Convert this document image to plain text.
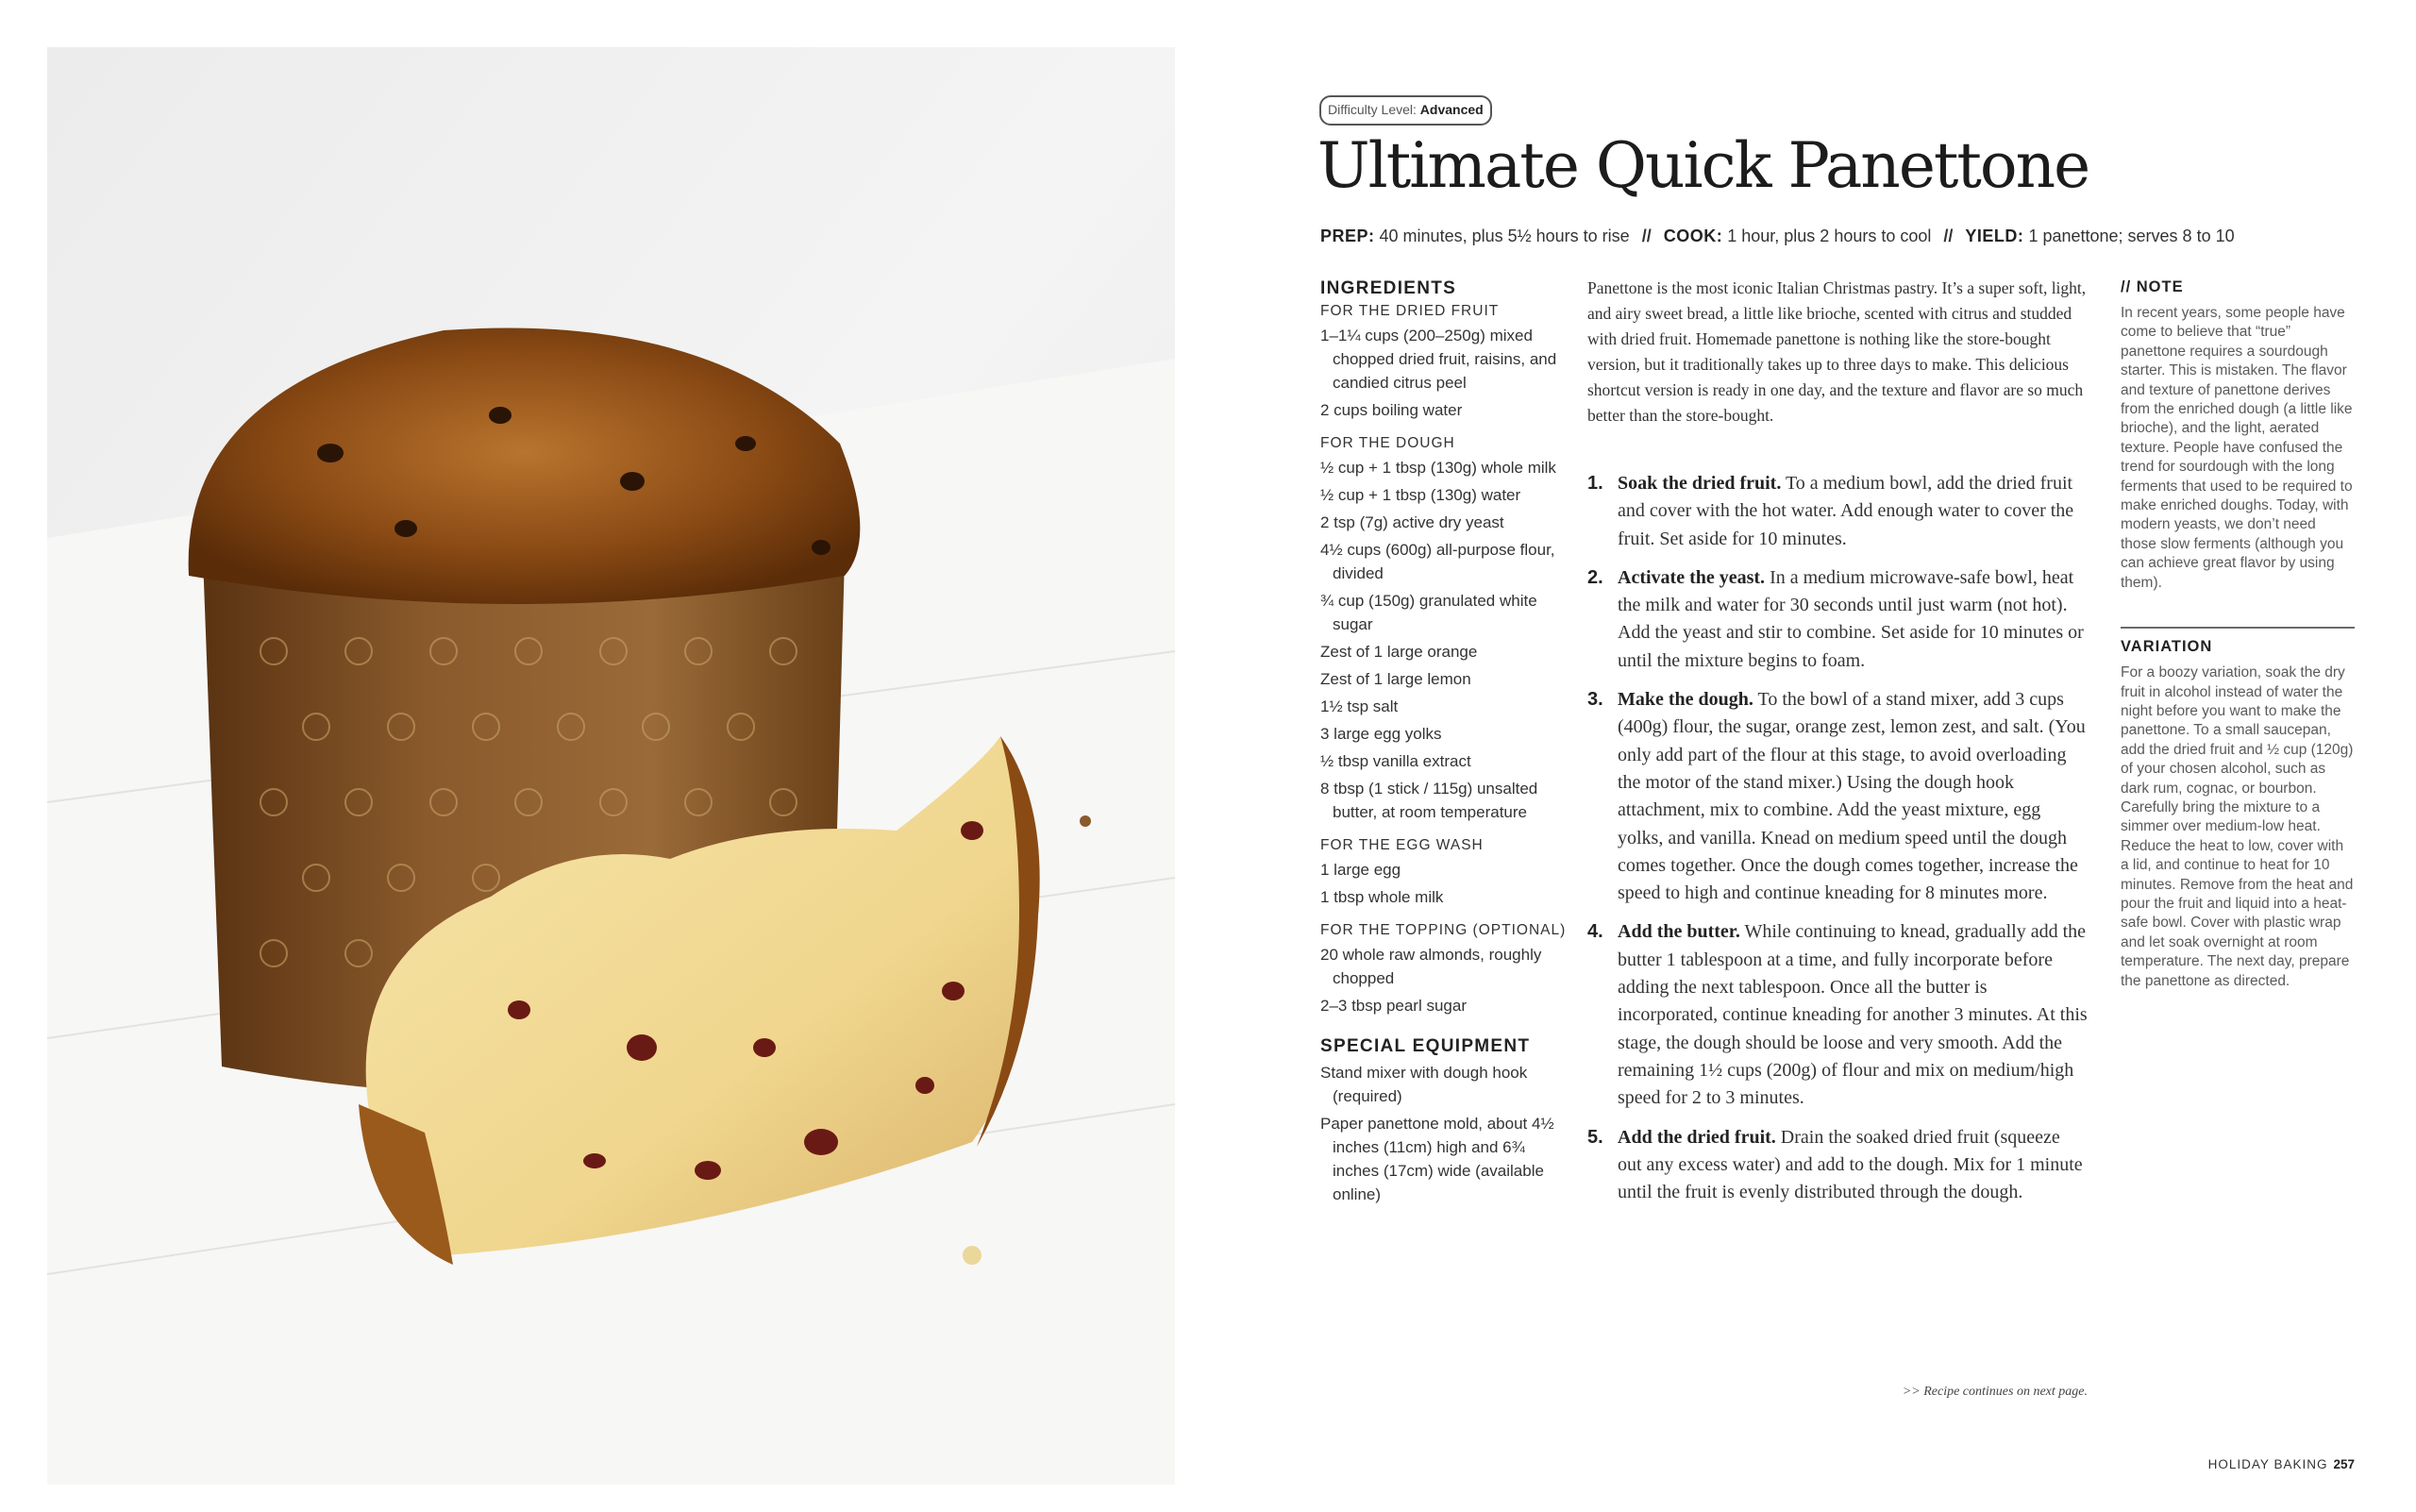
Difficulty Level: Advanced
Ultimate Quick Panettone
PREP: 40 minutes, plus 5½ hours to rise // COOK: 1 hour, plus 2 hours to cool // YIELD: 1 panettone; serves 8 to 10
INGREDIENTS
FOR THE DRIED FRUIT
1–1¼ cups (200–250g) mixed chopped dried fruit, raisins, and candied citrus peel
2 cups boiling water
FOR THE DOUGH
½ cup + 1 tbsp (130g) whole milk
½ cup + 1 tbsp (130g) water
2 tsp (7g) active dry yeast
4½ cups (600g) all-purpose flour, divided
¾ cup (150g) granulated white sugar
Zest of 1 large orange
Zest of 1 large lemon
1½ tsp salt
3 large egg yolks
½ tbsp vanilla extract
8 tbsp (1 stick / 115g) unsalted butter, at room temperature
FOR THE EGG WASH
1 large egg
1 tbsp whole milk
FOR THE TOPPING (OPTIONAL)
20 whole raw almonds, roughly chopped
2–3 tbsp pearl sugar
SPECIAL EQUIPMENT
Stand mixer with dough hook (required)
Paper panettone mold, about 4½ inches (11cm) high and 6¾ inches (17cm) wide (available online)
Panettone is the most iconic Italian Christmas pastry. It’s a super soft, light, and airy sweet bread, a little like brioche, scented with citrus and studded with dried fruit. Homemade panettone is nothing like the store-bought version, but it traditionally takes up to three days to make. This delicious shortcut version is ready in one day, and the texture and flavor are so much better than the store-bought.
1. Soak the dried fruit. To a medium bowl, add the dried fruit and cover with the hot water. Add enough water to cover the fruit. Set aside for 10 minutes.
2. Activate the yeast. In a medium microwave-safe bowl, heat the milk and water for 30 seconds until just warm (not hot). Add the yeast and stir to combine. Set aside for 10 minutes or until the mixture begins to foam.
3. Make the dough. To the bowl of a stand mixer, add 3 cups (400g) flour, the sugar, orange zest, lemon zest, and salt. (You only add part of the flour at this stage, to avoid overloading the motor of the stand mixer.) Using the dough hook attachment, mix to combine. Add the yeast mixture, egg yolks, and vanilla. Knead on medium speed until the dough comes together. Once the dough comes together, increase the speed to high and continue kneading for 8 minutes more.
4. Add the butter. While continuing to knead, gradually add the butter 1 tablespoon at a time, and fully incorporate before adding the next tablespoon. Once all the butter is incorporated, continue kneading for another 3 minutes. At this stage, the dough should be loose and very smooth. Add the remaining 1½ cups (200g) of flour and mix on medium/high speed for 2 to 3 minutes.
5. Add the dried fruit. Drain the soaked dried fruit (squeeze out any excess water) and add to the dough. Mix for 1 minute until the fruit is evenly distributed through the dough.
>> Recipe continues on next page.
// NOTE
In recent years, some people have come to believe that “true” panettone requires a sourdough starter. This is mistaken. The flavor and texture of panettone derives from the enriched dough (a little like brioche), and the light, aerated texture. People have confused the trend for sourdough with the long ferments that used to be required to make enriched doughs. Today, with modern yeasts, we don’t need those slow ferments (although you can achieve great flavor by using them).
VARIATION
For a boozy variation, soak the dry fruit in alcohol instead of water the night before you want to make the panettone. To a small saucepan, add the dried fruit and ½ cup (120g) of your chosen alcohol, such as dark rum, cognac, or bourbon. Carefully bring the mixture to a simmer over medium-low heat. Reduce the heat to low, cover with a lid, and continue to heat for 10 minutes. Remove from the heat and pour the fruit and liquid into a heat-safe bowl. Cover with plastic wrap and let soak overnight at room temperature. The next day, prepare the panettone as directed.
HOLIDAY BAKING 257
